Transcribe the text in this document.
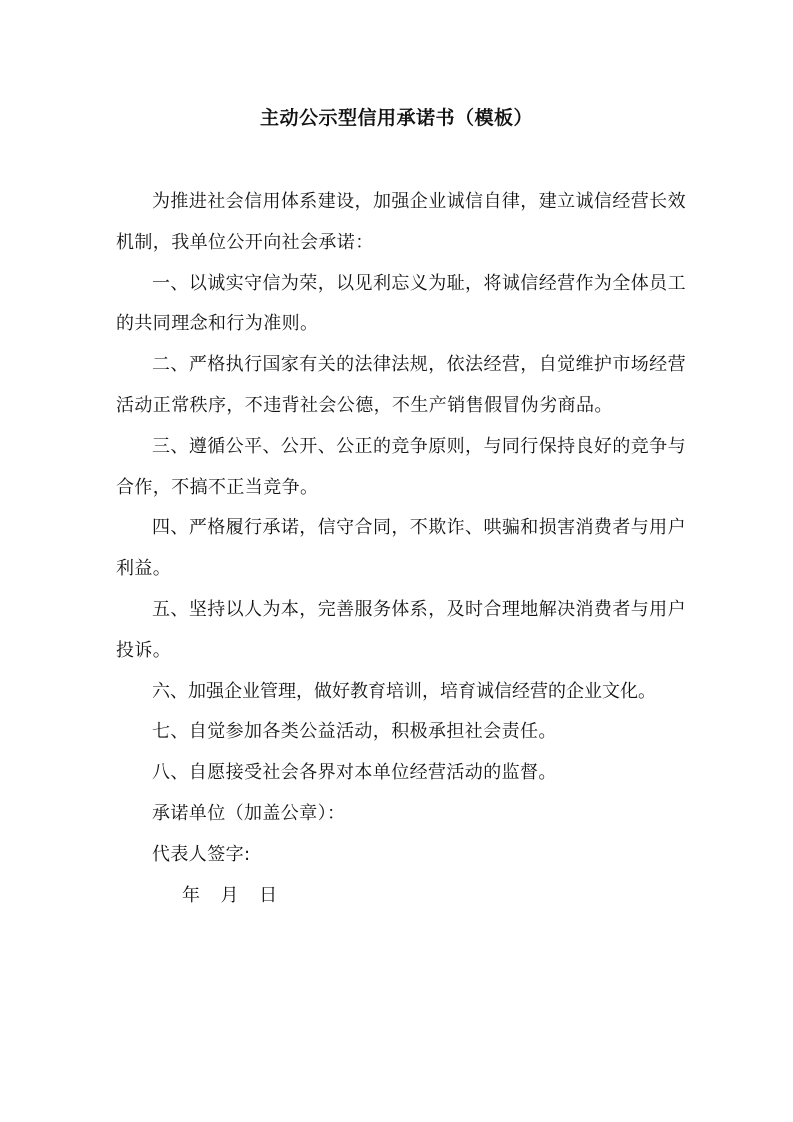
主动公示型信用承诺书（模板）

为推进社会信用体系建设，加强企业诚信自律，建立诚信经营长效机制，我单位公开向社会承诺：

一、以诚实守信为荣，以见利忘义为耻，将诚信经营作为全体员工的共同理念和行为准则。

二、严格执行国家有关的法律法规，依法经营，自觉维护市场经营活动正常秩序，不违背社会公德，不生产销售假冒伪劣商品。

三、遵循公平、公开、公正的竞争原则，与同行保持良好的竞争与合作，不搞不正当竞争。

四、严格履行承诺，信守合同，不欺诈、哄骗和损害消费者与用户利益。

五、坚持以人为本，完善服务体系，及时合理地解决消费者与用户投诉。

六、加强企业管理，做好教育培训，培育诚信经营的企业文化。

七、自觉参加各类公益活动，积极承担社会责任。

八、自愿接受社会各界对本单位经营活动的监督。

承诺单位（加盖公章）：

代表人签字:

年 月 日
